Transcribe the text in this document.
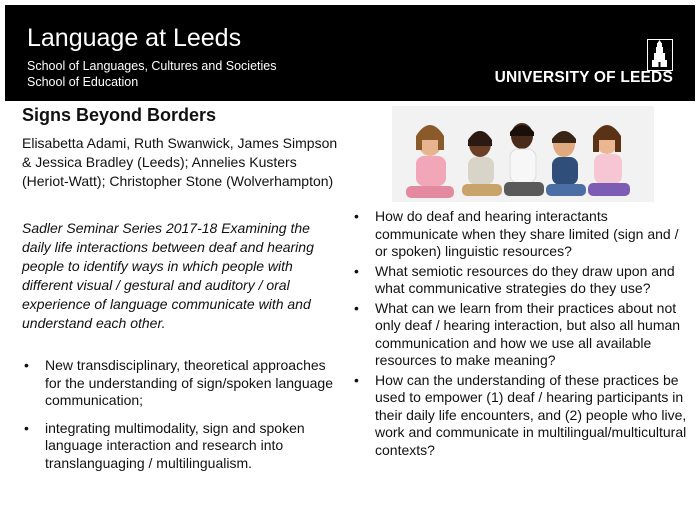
Language at Leeds
School of Languages, Cultures and Societies
School of Education	UNIVERSITY OF LEEDS
Signs Beyond Borders
Elisabetta Adami, Ruth Swanwick, James Simpson & Jessica Bradley (Leeds); Annelies Kusters (Heriot-Watt); Christopher Stone (Wolverhampton)
Sadler Seminar Series 2017-18 Examining the daily life interactions between deaf and hearing people to identify ways in which people with different visual / gestural and auditory / oral experience of language communicate with and understand each other.
• New transdisciplinary, theoretical approaches for the understanding of sign/spoken language communication;
• integrating multimodality, sign and spoken language interaction and research into translanguaging / multilingualism.
• How do deaf and hearing interactants communicate when they share limited (sign and / or spoken) linguistic resources?
• What semiotic resources do they draw upon and what communicative strategies do they use?
• What can we learn from their practices about not only deaf / hearing interaction, but also all human communication and how we use all available resources to make meaning?
• How can the understanding of these practices be used to empower (1) deaf / hearing participants in their daily life encounters, and (2) people who live, work and communicate in multilingual/multicultural contexts?
